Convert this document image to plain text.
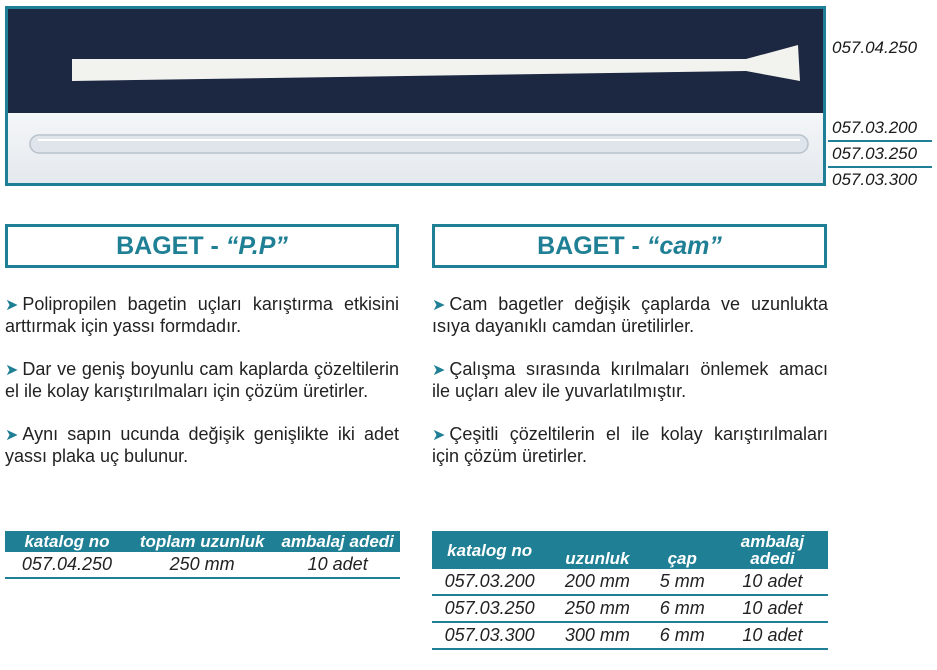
057.04.250
057.03.200
057.03.250
057.03.300
BAGET - “P.P”

➤ Polipropilen bagetin uçları karıştırma etkisini arttırmak için yassı formdadır.

➤ Dar ve geniş boyunlu cam kaplarda çözeltilerin el ile kolay karıştırılmaları için çözüm üretirler.

➤ Aynı sapın ucunda değişik genişlikte iki adet yassı plaka uç bulunur.

katalog no	toplam uzunluk	ambalaj adedi
057.04.250	250 mm	10 adet
BAGET - “cam”

➤ Cam bagetler değişik çaplarda ve uzunlukta ısıya dayanıklı camdan üretilirler.

➤ Çalışma sırasında kırılmaları önlemek amacı ile uçları alev ile yuvarlatılmıştır.

➤ Çeşitli çözeltilerin el ile kolay karıştırılmaları için çözüm üretirler.

katalog no	uzunluk	çap	ambalaj adedi
057.03.200	200 mm	5 mm	10 adet
057.03.250	250 mm	6 mm	10 adet
057.03.300	300 mm	6 mm	10 adet
